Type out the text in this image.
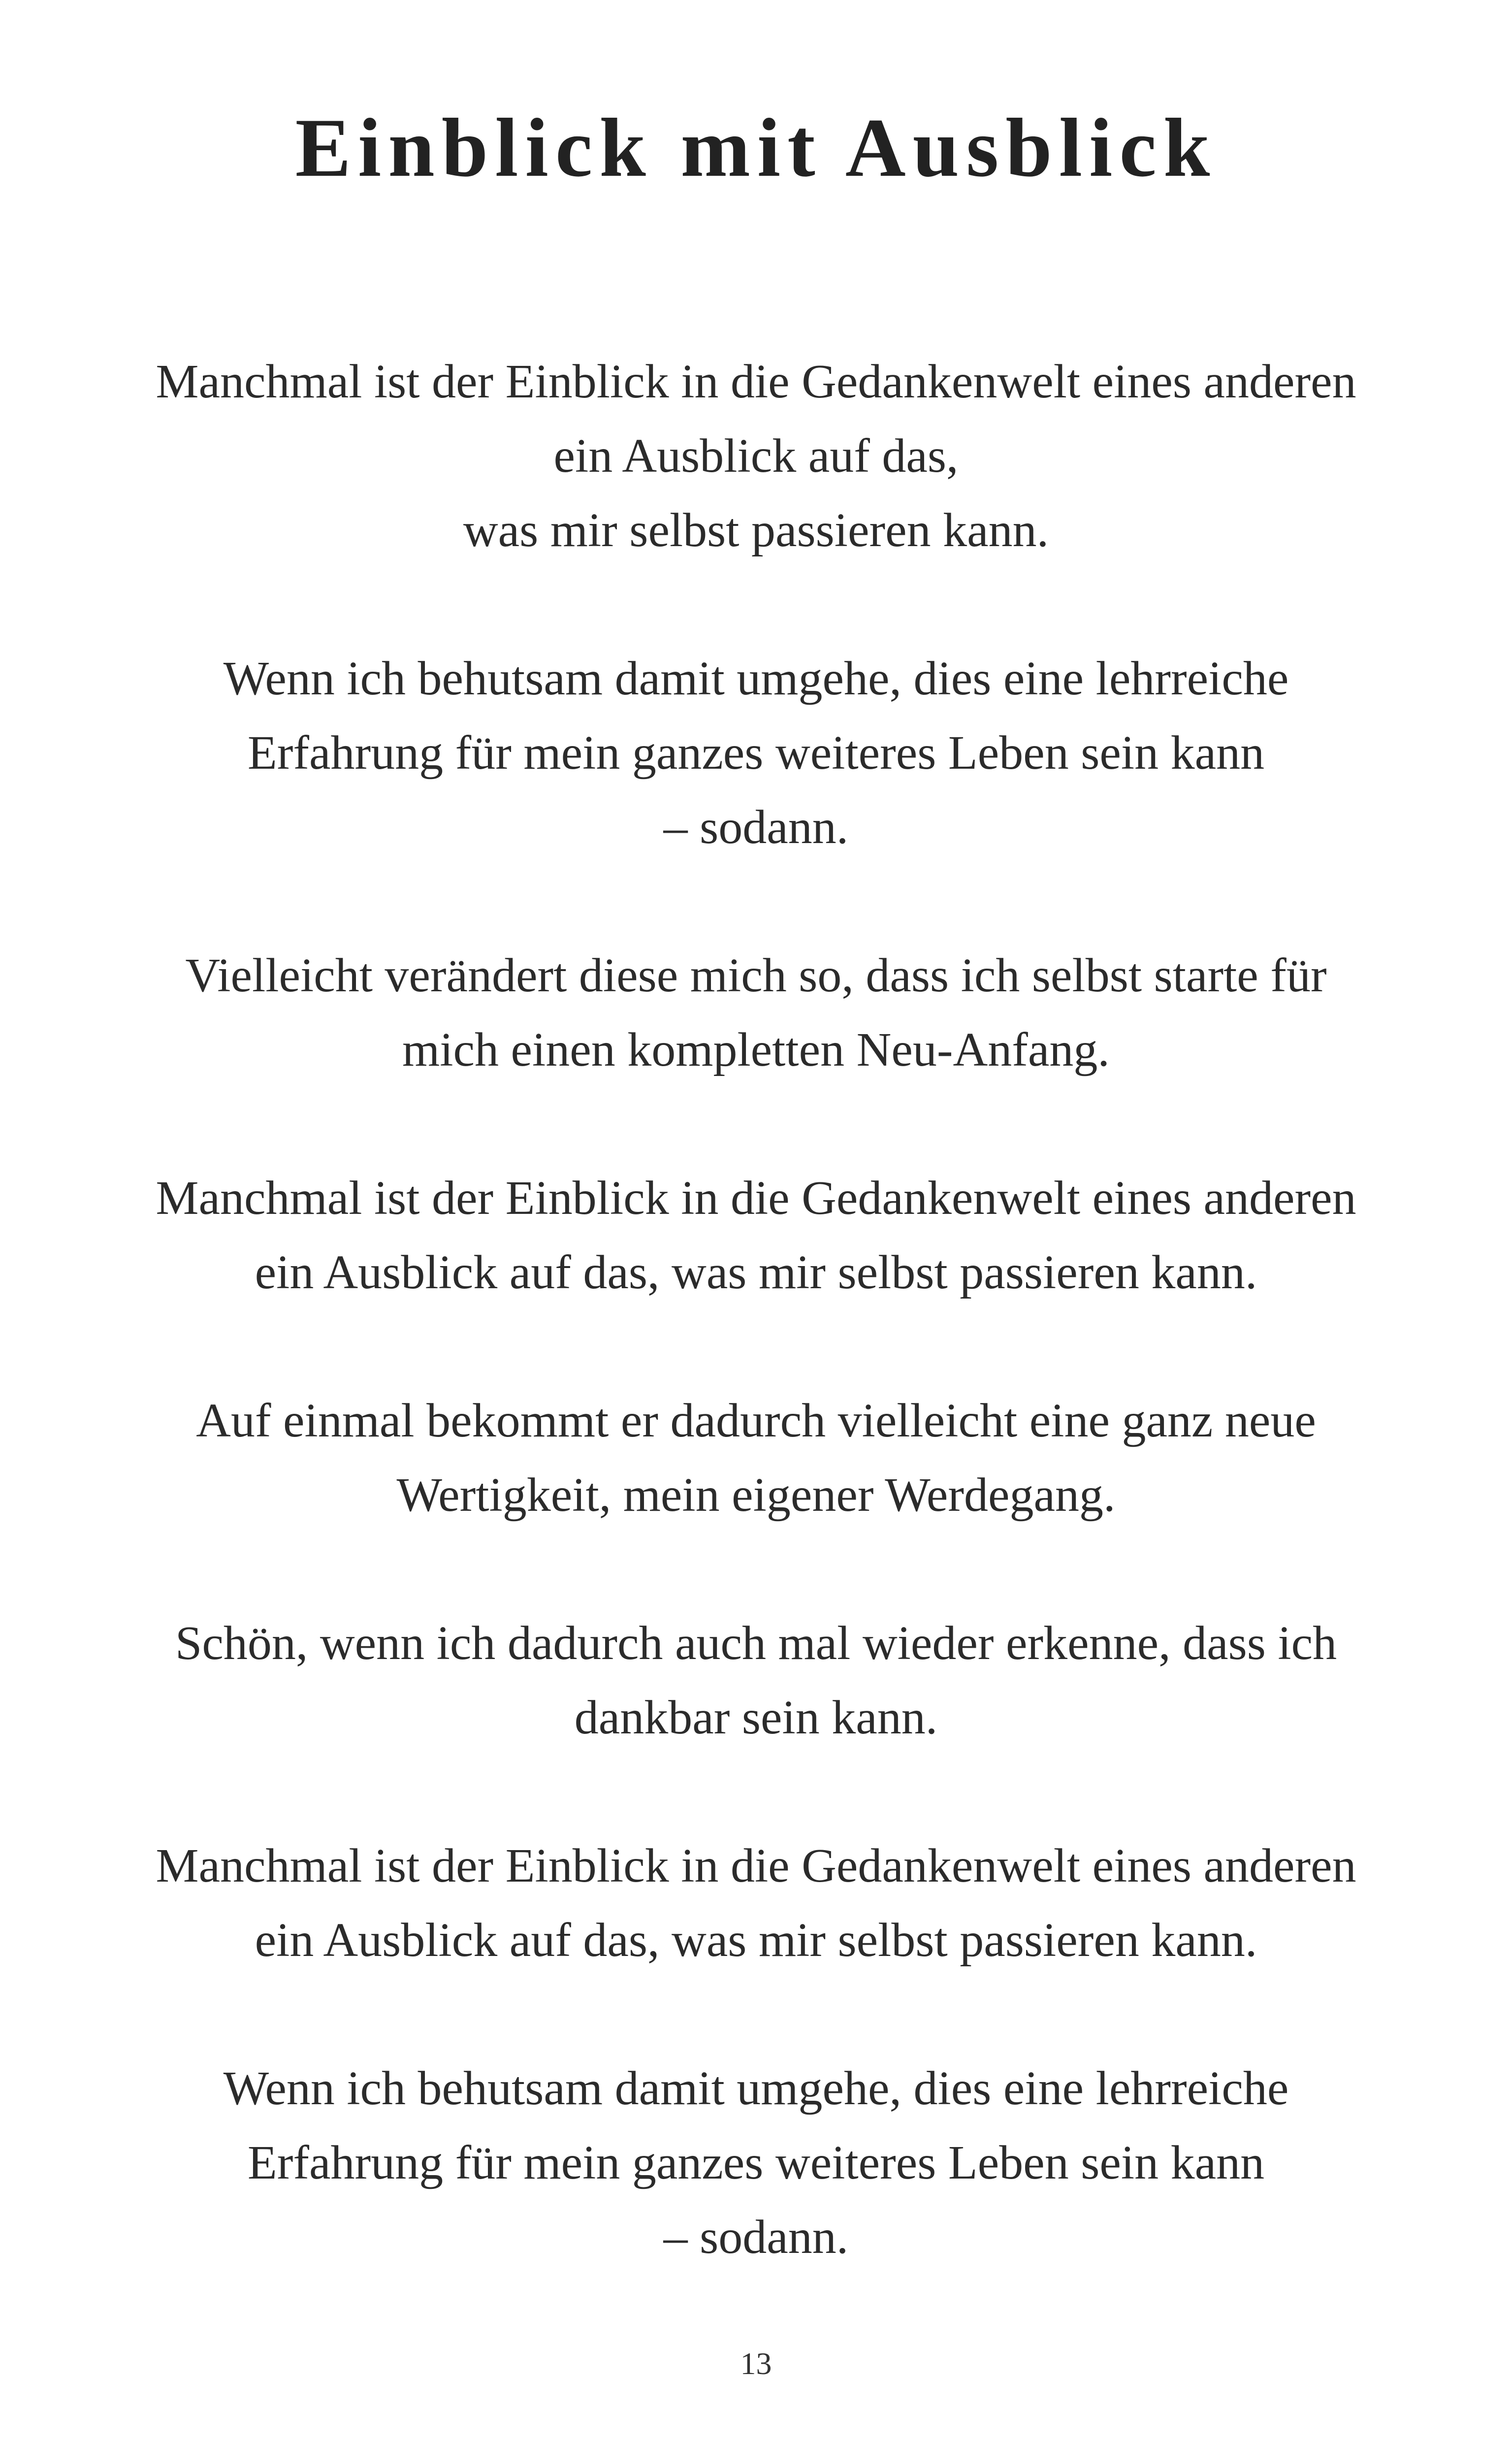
Einblick mit Ausblick
Manchmal ist der Einblick in die Gedankenwelt eines anderen
ein Ausblick auf das,
was mir selbst passieren kann.
Wenn ich behutsam damit umgehe, dies eine lehrreiche
Erfahrung für mein ganzes weiteres Leben sein kann
– sodann.
Vielleicht verändert diese mich so, dass ich selbst starte für
mich einen kompletten Neu-Anfang.
Manchmal ist der Einblick in die Gedankenwelt eines anderen
ein Ausblick auf das, was mir selbst passieren kann.
Auf einmal bekommt er dadurch vielleicht eine ganz neue
Wertigkeit, mein eigener Werdegang.
Schön, wenn ich dadurch auch mal wieder erkenne, dass ich
dankbar sein kann.
Manchmal ist der Einblick in die Gedankenwelt eines anderen
ein Ausblick auf das, was mir selbst passieren kann.
Wenn ich behutsam damit umgehe, dies eine lehrreiche
Erfahrung für mein ganzes weiteres Leben sein kann
– sodann.
13
